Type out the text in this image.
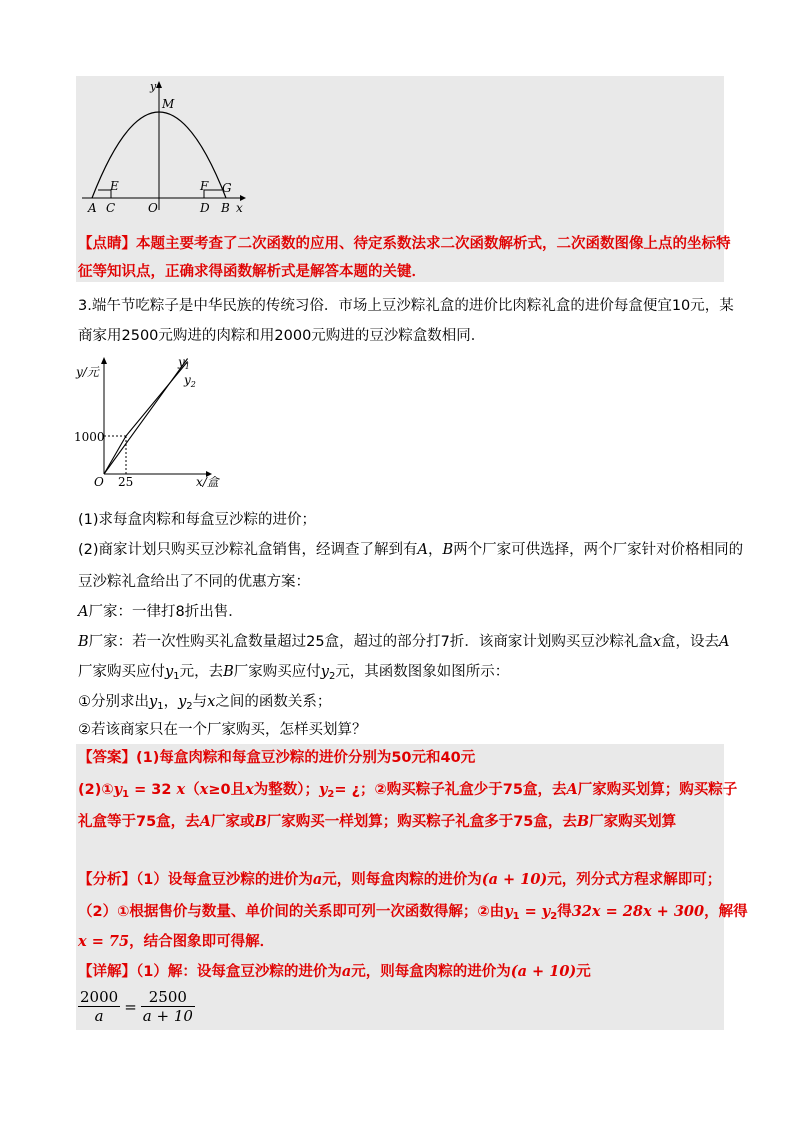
y
x
M
E	F G
A C	O	D B
【点睛】本题主要考查了二次函数的应用、待定系数法求二次函数解析式，二次函数图像上点的坐标特
征等知识点，正确求得函数解析式是解答本题的关键．
3.端午节吃粽子是中华民族的传统习俗．市场上豆沙粽礼盒的进价比肉粽礼盒的进价每盒便宜10元，某
商家用2500元购进的肉粽和用2000元购进的豆沙粽盒数相同．
y/元
x/盒
O
1000
25
$y_1$
$y_2$
(1)求每盒肉粽和每盒豆沙粽的进价；
(2)商家计划只购买豆沙粽礼盒销售，经调查了解到有A，B两个厂家可供选择，两个厂家针对价格相同的
豆沙粽礼盒给出了不同的优惠方案：
A厂家：一律打8折出售．
B厂家：若一次性购买礼盒数量超过25盒，超过的部分打7折．该商家计划购买豆沙粽礼盒x盒，设去A
厂家购买应付$y_1$元，去B厂家购买应付$y_2$元，其函数图象如图所示：
①分别求出$y_1$，$y_2$与x之间的函数关系；
②若该商家只在一个厂家购买，怎样买划算？
【答案】(1)每盒肉粽和每盒豆沙粽的进价分别为50元和40元
$(2)①y_1 = 32$ x（x≥0且x为整数）；$y_2=$ ¿；②购买粽子礼盒少于75盒，去A厂家购买划算；购买粽子
礼盒等于75盒，去A厂家或B厂家购买一样划算；购买粽子礼盒多于75盒，去B厂家购买划算
【分析】（1）设每盒豆沙粽的进价为a元，则每盒肉粽的进价为(a + 10)元，列分式方程求解即可；
（2）①根据售价与数量、单价间的关系即可列一次函数得解；②由$y_1 = y_2$得32x = 28x + 300，解得
x = 75，结合图象即可得解．
【详解】（1）解：设每盒豆沙粽的进价为a元，则每盒肉粽的进价为(a + 10)元
$\frac{2000}{a} = \frac{2500}{a + 10}$
